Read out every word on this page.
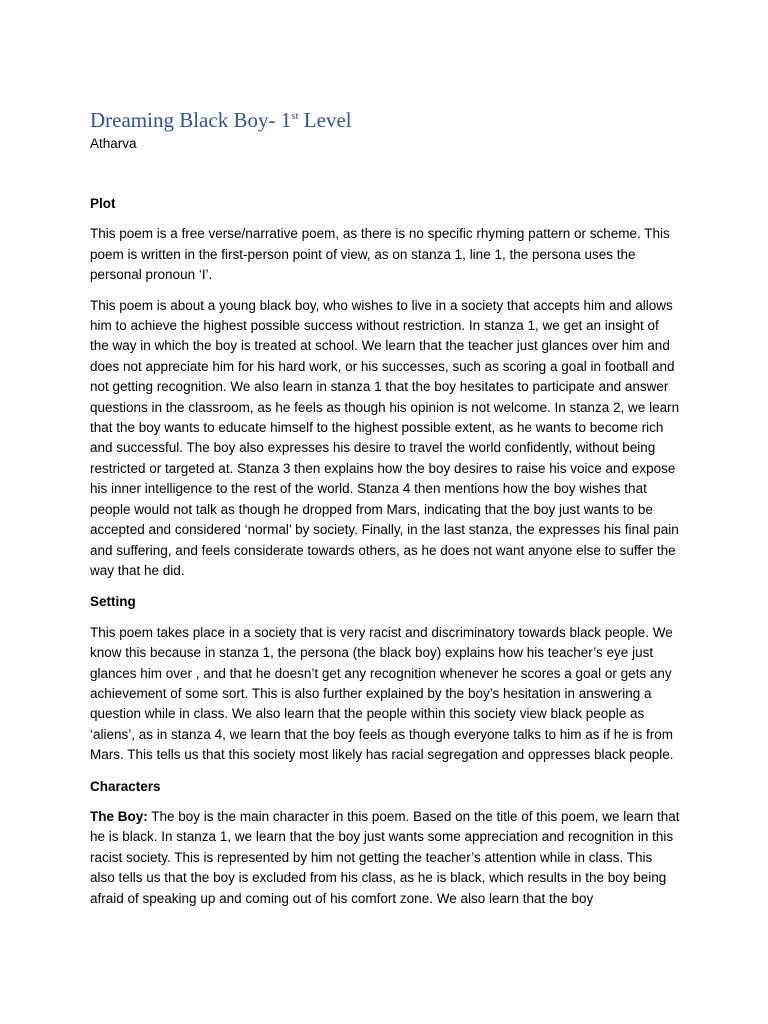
Dreaming Black Boy- 1st Level
Atharva
Plot

This poem is a free verse/narrative poem, as there is no specific rhyming pattern or scheme. This poem is written in the first-person point of view, as on stanza 1, line 1, the persona uses the personal pronoun ‘I’.

This poem is about a young black boy, who wishes to live in a society that accepts him and allows him to achieve the highest possible success without restriction. In stanza 1, we get an insight of the way in which the boy is treated at school. We learn that the teacher just glances over him and does not appreciate him for his hard work, or his successes, such as scoring a goal in football and not getting recognition. We also learn in stanza 1 that the boy hesitates to participate and answer questions in the classroom, as he feels as though his opinion is not welcome. In stanza 2, we learn that the boy wants to educate himself to the highest possible extent, as he wants to become rich and successful. The boy also expresses his desire to travel the world confidently, without being restricted or targeted at. Stanza 3 then explains how the boy desires to raise his voice and expose his inner intelligence to the rest of the world. Stanza 4 then mentions how the boy wishes that people would not talk as though he dropped from Mars, indicating that the boy just wants to be accepted and considered ‘normal’ by society. Finally, in the last stanza, the expresses his final pain and suffering, and feels considerate towards others, as he does not want anyone else to suffer the way that he did.

Setting

This poem takes place in a society that is very racist and discriminatory towards black people. We know this because in stanza 1, the persona (the black boy) explains how his teacher’s eye just glances him over , and that he doesn’t get any recognition whenever he scores a goal or gets any achievement of some sort. This is also further explained by the boy’s hesitation in answering a question while in class. We also learn that the people within this society view black people as ‘aliens’, as in stanza 4, we learn that the boy feels as though everyone talks to him as if he is from Mars. This tells us that this society most likely has racial segregation and oppresses black people.

Characters

The Boy: The boy is the main character in this poem. Based on the title of this poem, we learn that he is black. In stanza 1, we learn that the boy just wants some appreciation and recognition in this racist society. This is represented by him not getting the teacher’s attention while in class. This also tells us that the boy is excluded from his class, as he is black, which results in the boy being afraid of speaking up and coming out of his comfort zone. We also learn that the boy
